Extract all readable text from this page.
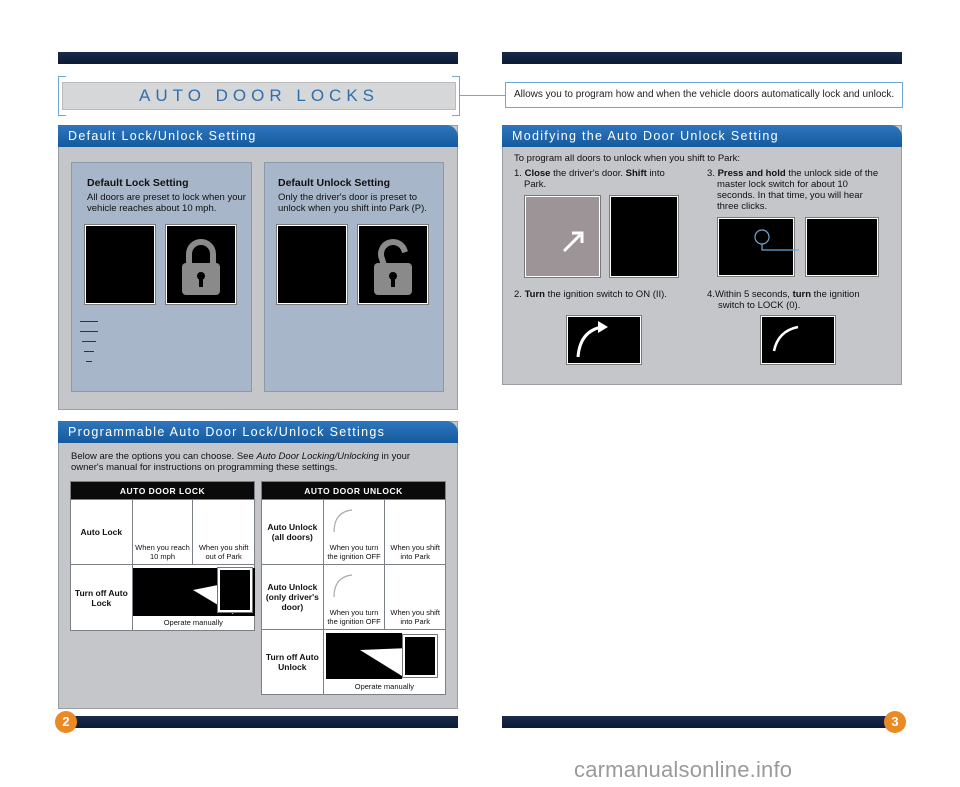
2	3
AUTO DOOR LOCKS	Allows you to program how and when the vehicle doors automatically lock and unlock.
Default Lock/Unlock Setting
Default Lock Setting
All doors are preset to lock when your vehicle reaches about 10 mph.
Default Unlock Setting
Only the driver's door is preset to unlock when you shift into Park (P).
Programmable Auto Door Lock/Unlock Settings
Below are the options you can choose. See Auto Door Locking/Unlocking in your owner's manual for instructions on programming these settings.
AUTO DOOR LOCK		
Auto Lock	When you reach 10 mph	When you shift out of Park
Turn off Auto Lock	Operate manually	
AUTO DOOR UNLOCK		
Auto Unlock (all doors)	When you turn the ignition OFF	When you shift into Park
Auto Unlock (only driver's door)	When you turn the ignition OFF	When you shift into Park
Turn off Auto Unlock	Operate manually	
Modifying the Auto Door Unlock Setting
To program all doors to unlock when you shift to Park:
1. Close the driver's door. Shift into Park.
3. Press and hold the unlock side of the master lock switch for about 10 seconds. In that time, you will hear three clicks.
2. Turn the ignition switch to ON (II).	4.Within 5 seconds, turn the ignition switch to LOCK (0).
carmanualsonline.info
